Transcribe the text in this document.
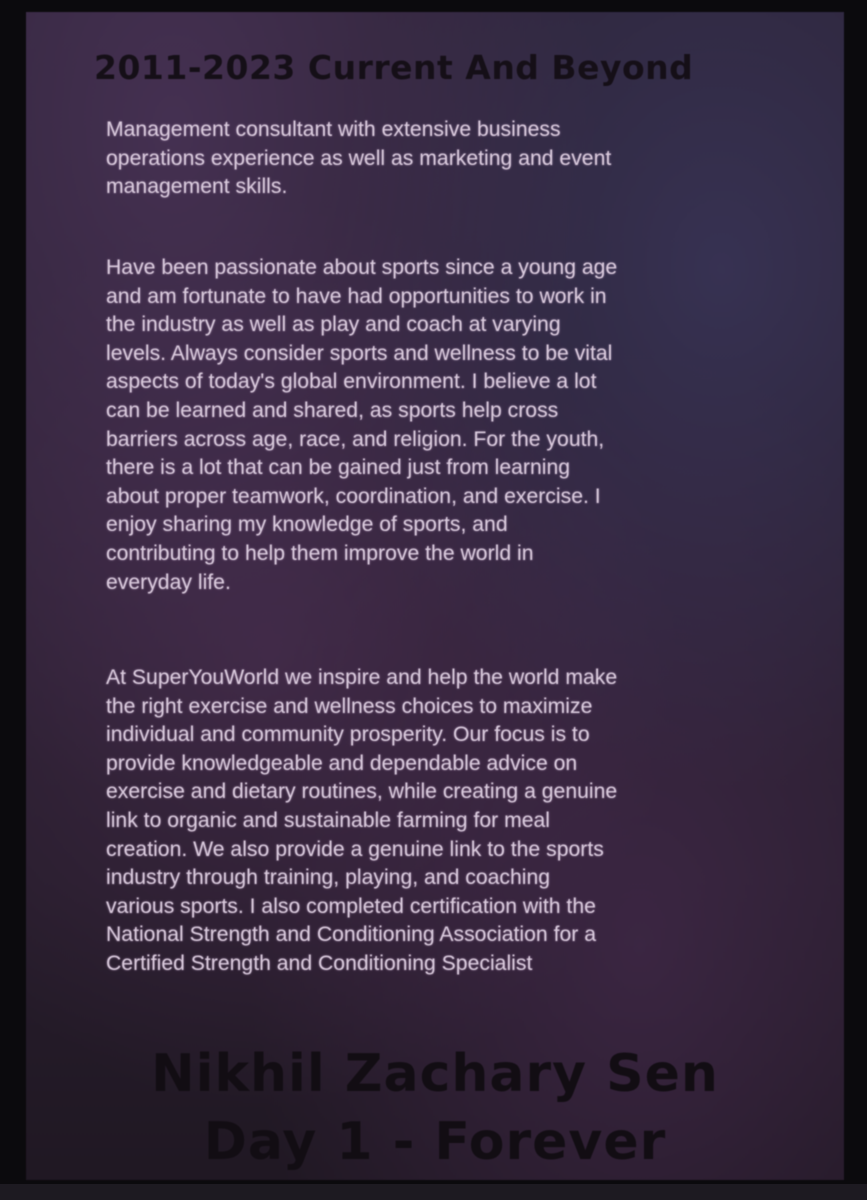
2011-2023 Current And Beyond

Management consultant with extensive business
operations experience as well as marketing and event
management skills.

Have been passionate about sports since a young age
and am fortunate to have had opportunities to work in
the industry as well as play and coach at varying
levels. Always consider sports and wellness to be vital
aspects of today's global environment. I believe a lot
can be learned and shared, as sports help cross
barriers across age, race, and religion. For the youth,
there is a lot that can be gained just from learning
about proper teamwork, coordination, and exercise. I
enjoy sharing my knowledge of sports, and
contributing to help them improve the world in
everyday life.

At SuperYouWorld we inspire and help the world make
the right exercise and wellness choices to maximize
individual and community prosperity. Our focus is to
provide knowledgeable and dependable advice on
exercise and dietary routines, while creating a genuine
link to organic and sustainable farming for meal
creation. We also provide a genuine link to the sports
industry through training, playing, and coaching
various sports. I also completed certification with the
National Strength and Conditioning Association for a
Certified Strength and Conditioning Specialist

Nikhil Zachary Sen
Day 1 - Forever
